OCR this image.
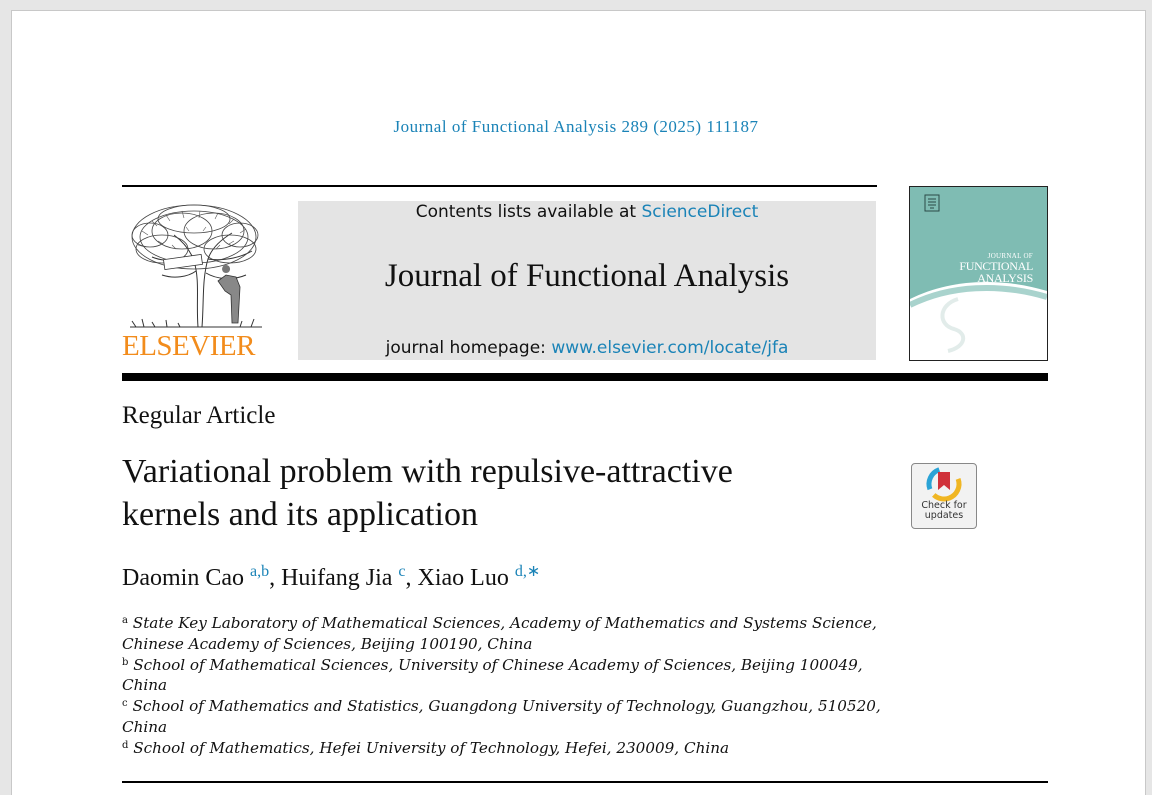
Journal of Functional Analysis 289 (2025) 111187
ELSEVIER
Contents lists available at ScienceDirect
Journal of Functional Analysis
journal homepage: www.elsevier.com/locate/jfa
JOURNAL OF
FUNCTIONAL
ANALYSIS
Regular Article
Variational problem with repulsive-attractive kernels and its application	Check for updates
Daomin Cao $^{a,b}$, Huifang Jia $^c$, Xiao Luo $^{d,∗}$
$^a$ State Key Laboratory of Mathematical Sciences, Academy of Mathematics and Systems Science, Chinese Academy of Sciences, Beijing 100190, China
$^b$ School of Mathematical Sciences, University of Chinese Academy of Sciences, Beijing 100049, China
$^c$ School of Mathematics and Statistics, Guangdong University of Technology, Guangzhou, 510520, China
$^d$ School of Mathematics, Hefei University of Technology, Hefei, 230009, China
